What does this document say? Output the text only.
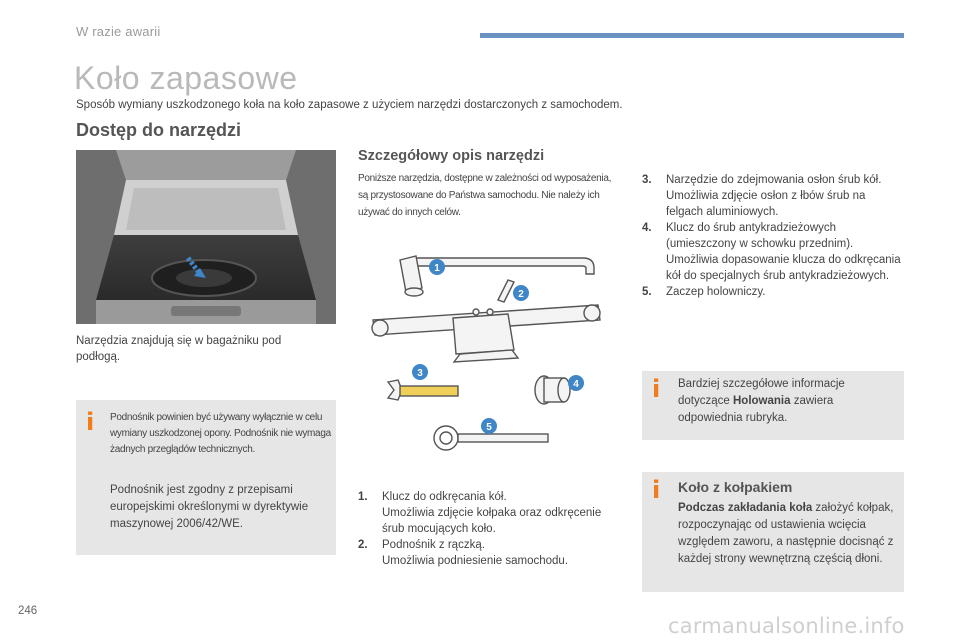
W razie awarii
Koło zapasowe
Sposób wymiany uszkodzonego koła na koło zapasowe z użyciem narzędzi dostarczonych z samochodem.
Dostęp do narzędzi
Narzędzia znajdują się w bagażniku pod podłogą.
i Podnośnik powinien być używany wyłącznie w celu wymiany uszkodzonej opony. Podnośnik nie wymaga żadnych przeglądów technicznych.
Podnośnik jest zgodny z przepisami europejskimi określonymi w dyrektywie maszynowej 2006/42/WE.
Szczegółowy opis narzędzi
Poniższe narzędzia, dostępne w zależności od wyposażenia, są przystosowane do Państwa samochodu. Nie należy ich używać do innych celów.
1
2
3
4
5
1.	Klucz do odkręcania kół.
Umożliwia zdjęcie kołpaka oraz odkręcenie śrub mocujących koło.
2.	Podnośnik z rączką.
Umożliwia podniesienie samochodu.
3.	Narzędzie do zdejmowania osłon śrub kół.
Umożliwia zdjęcie osłon z łbów śrub na felgach aluminiowych.
4.	Klucz do śrub antykradzieżowych (umieszczony w schowku przednim).
Umożliwia dopasowanie klucza do odkręcania kół do specjalnych śrub antykradzieżowych.
5.	Zaczep holowniczy.
i Bardziej szczegółowe informacje dotyczące Holowania zawiera odpowiednia rubryka.
i Koło z kołpakiem
Podczas zakładania koła założyć kołpak, rozpoczynając od ustawienia wcięcia względem zaworu, a następnie docisnąć z każdej strony wewnętrzną częścią dłoni.
246
carmanualsonline.info
